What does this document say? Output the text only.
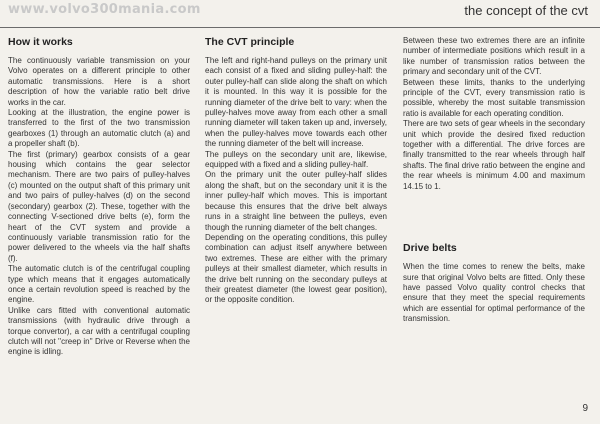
www.volvo300mania.com	the concept of the cvt
How it works

The continuously variable transmission on your Volvo operates on a different principle to other automatic transmissions. Here is a short description of how the variable ratio belt drive works in the car.

Looking at the illustration, the engine power is transferred to the first of the two transmission gearboxes (1) through an automatic clutch (a) and a propeller shaft (b).

The first (primary) gearbox consists of a gear housing which contains the gear selector mechanism. There are two pairs of pulley-halves (c) mounted on the output shaft of this primary unit and two pairs of pulley-halves (d) on the second (secondary) gearbox (2). These, together with the connecting V-sectioned drive belts (e), form the heart of the CVT system and provide a continuously variable transmission ratio for the power delivered to the wheels via the half shafts (f).

The automatic clutch is of the centrifugal coupling type which means that it engages automatically once a certain revolution speed is reached by the engine.

Unlike cars fitted with conventional automatic transmissions (with hydraulic drive through a torque convertor), a car with a centrifugal coupling clutch will not ''creep in'' Drive or Reverse when the engine is idling.

The CVT principle

The left and right-hand pulleys on the primary unit each consist of a fixed and sliding pulley-half: the outer pulley-half can slide along the shaft on which it is mounted. In this way it is possible for the running diameter of the drive belt to vary: when the pulley-halves move away from each other a small running diameter will taken taken up and, inversely, when the pulley-halves move towards each other the running diameter of the belt will increase.

The pulleys on the secondary unit are, likewise, equipped with a fixed and a sliding pulley-half.

On the primary unit the outer pulley-half slides along the shaft, but on the secondary unit it is the inner pulley-half which moves. This is important because this ensures that the drive belt always runs in a straight line between the pulleys, even though the running diameter of the belt changes.

Depending on the operating conditions, this pulley combination can adjust itself anywhere between two extremes. These are either with the primary pulleys at their smallest diameter, which results in the drive belt running on the secondary pulleys at their greatest diameter (the lowest gear position), or the opposite condition.

Between these two extremes there are an infinite number of intermediate positions which result in a like number of transmission ratios between the primary and secondary unit of the CVT.

Between these limits, thanks to the underlying principle of the CVT, every transmission ratio is possible, whereby the most suitable transmission ratio is available for each operating condition.

There are two sets of gear wheels in the secondary unit which provide the desired fixed reduction together with a differential. The drive forces are finally transmitted to the rear wheels through half shafts. The final drive ratio between the engine and the rear wheels is minimum 4.00 and maximum 14.15 to 1.

Drive belts

When the time comes to renew the belts, make sure that original Volvo belts are fitted. Only these have passed Volvo quality control checks that ensure that they meet the special requirements which are essential for optimal performance of the transmission.

9
